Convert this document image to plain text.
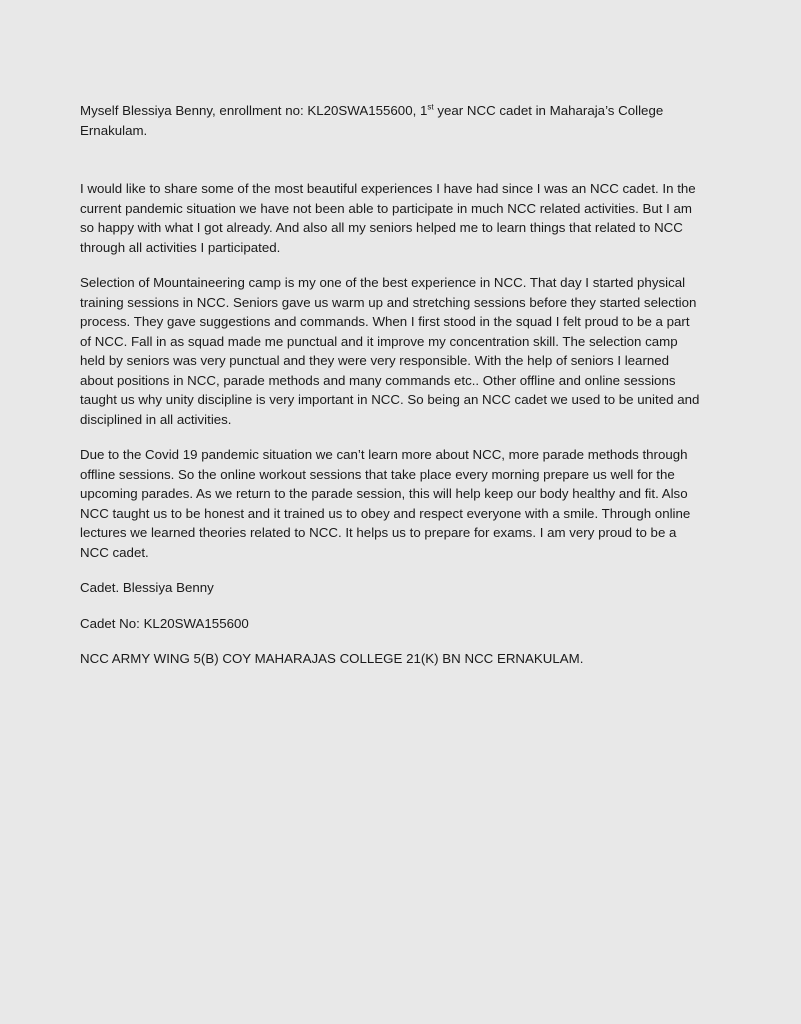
Myself Blessiya Benny, enrollment no: KL20SWA155600, 1st year NCC cadet in Maharaja’s College
Ernakulam.

I would like to share some of the most beautiful experiences I have had since I was an NCC cadet. In the
current pandemic situation we have not been able to participate in much NCC related activities. But I am
so happy with what I got already. And also all my seniors helped me to learn things that related to NCC
through all activities I participated.

Selection of Mountaineering camp is my one of the best experience in NCC. That day I started physical
training sessions in NCC. Seniors gave us warm up and stretching sessions before they started selection
process. They gave suggestions and commands. When I first stood in the squad I felt proud to be a part
of NCC. Fall in as squad made me punctual and it improve my concentration skill. The selection camp
held by seniors was very punctual and they were very responsible. With the help of seniors I learned
about positions in NCC, parade methods and many commands etc.. Other offline and online sessions
taught us why unity discipline is very important in NCC. So being an NCC cadet we used to be united and
disciplined in all activities.

Due to the Covid 19 pandemic situation we can’t learn more about NCC, more parade methods through
offline sessions. So the online workout sessions that take place every morning prepare us well for the
upcoming parades. As we return to the parade session, this will help keep our body healthy and fit. Also
NCC taught us to be honest and it trained us to obey and respect everyone with a smile. Through online
lectures we learned theories related to NCC. It helps us to prepare for exams. I am very proud to be a
NCC cadet.

Cadet. Blessiya Benny

Cadet No: KL20SWA155600

NCC ARMY WING 5(B) COY MAHARAJAS COLLEGE 21(K) BN NCC ERNAKULAM.
